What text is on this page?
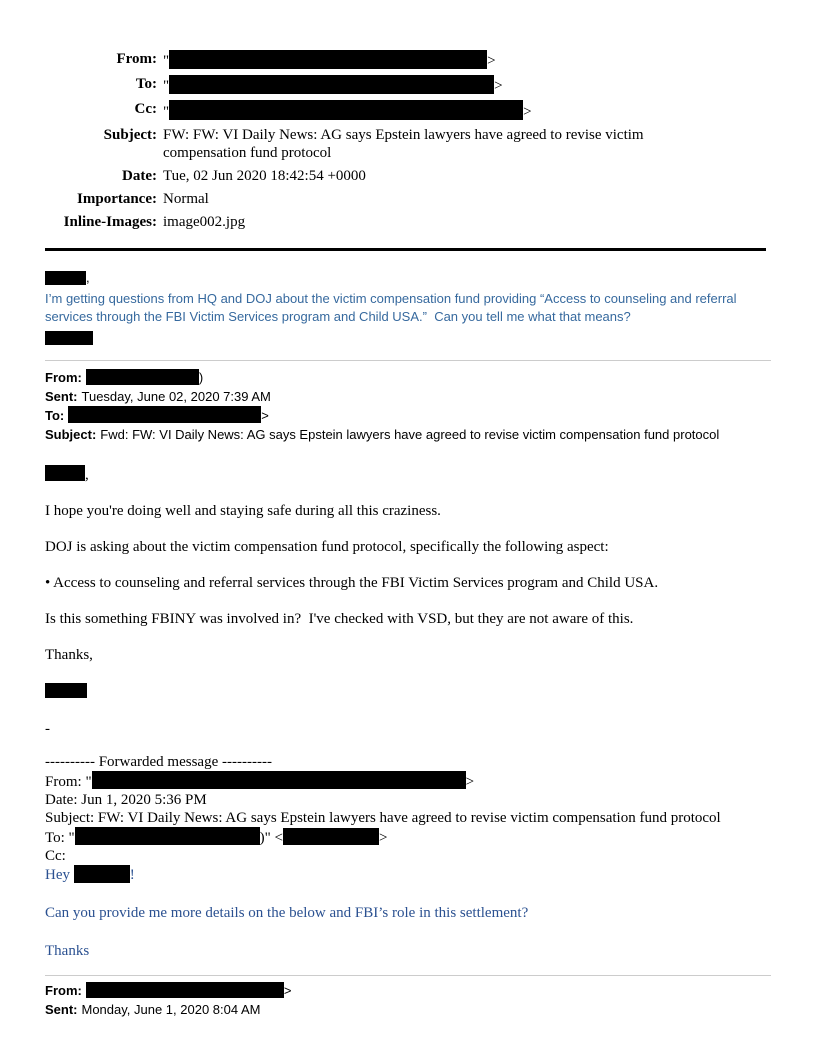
From: "	>
To: "	>
Cc: "	>
Subject: FW: FW: VI Daily News: AG says Epstein lawyers have agreed to revise victim compensation fund protocol
Date: Tue, 02 Jun 2020 18:42:54 +0000
Importance: Normal
Inline-Images: image002.jpg

,

I’m getting questions from HQ and DOJ about the victim compensation fund providing “Access to counseling and referral services through the FBI Victim Services program and Child USA.”  Can you tell me what that means?

From:	)

Sent: Tuesday, June 02, 2020 7:39 AM

To:	>

Subject: Fwd: FW: VI Daily News: AG says Epstein lawyers have agreed to revise victim compensation fund protocol

,

I hope you're doing well and staying safe during all this craziness.

DOJ is asking about the victim compensation fund protocol, specifically the following aspect:

• Access to counseling and referral services through the FBI Victim Services program and Child USA.

Is this something FBINY was involved in?  I've checked with VSD, but they are not aware of this.

Thanks,

-

---------- Forwarded message ----------

From: "	>

Date: Jun 1, 2020 5:36 PM

Subject: FW: VI Daily News: AG says Epstein lawyers have agreed to revise victim compensation fund protocol

To: "	)" <	>

Cc:

Hey	!

Can you provide me more details on the below and FBI’s role in this settlement?

Thanks

From:	>

Sent: Monday, June 1, 2020 8:04 AM
